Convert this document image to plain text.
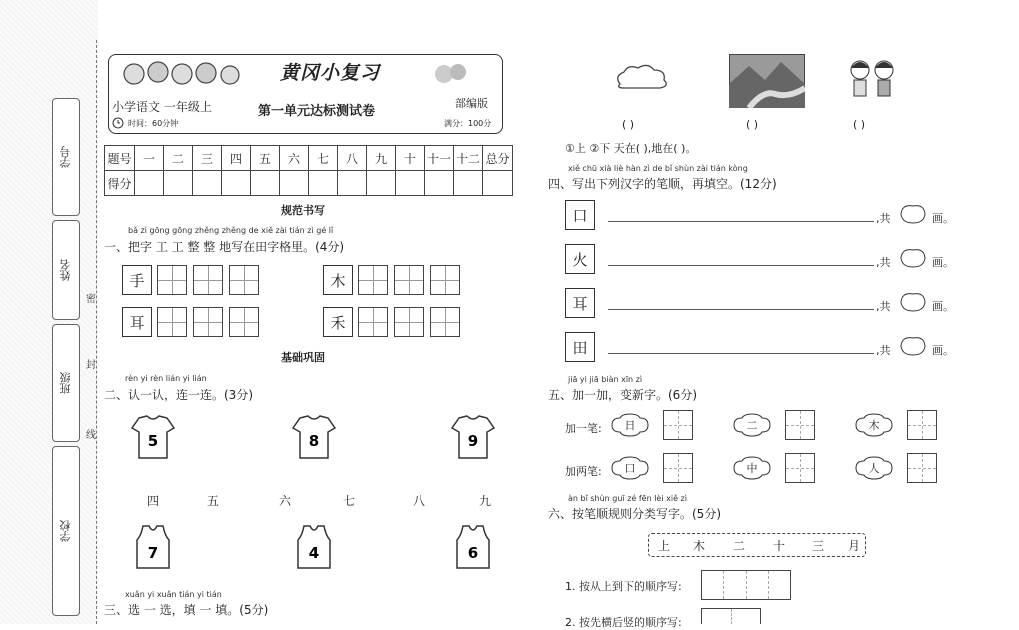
学号
姓名
班级
学校
密
封
线
黄冈小复习
小学语文 一年级上	第一单元达标测试卷
部编版
时间：60分钟	满分：100分
题号	一	二	三	四	五	六	七	八	九	十	十一	十二	总分
得分													
规范书写
bǎ zì gōng gōng zhěng zhěng de xiě zài tián zì gé lǐ
一、把字 工 工 整 整 地写在田字格里。(4分)
手	木
耳	禾
基础巩固
rèn yi rèn lián yi lián
二、认一认，连一连。(3分)
5	8	9
四	五	六	七	八	九
7	4	6
xuǎn yi xuǎn tián yi tián
三、选 一 选，填 一 填。(5分)
( )	( )	( )
①上 ②下 天在( ),地在( )。
xiě chū xià liè hàn zì de bǐ shùn zài tián kòng
四、写出下列汉字的笔顺，再填空。(12分)
口	,共	画。
火	,共	画。
耳	,共	画。
田	,共	画。
jiā yi jiā biàn xīn zì
五、加一加，变新字。(6分)
加一笔:	日	二	木
加两笔:	口	中	人
àn bǐ shùn guī zé fēn lèi xiě zì
六、按笔顺规则分类写字。(5分)
上 木 二 十 三 月
1. 按从上到下的顺序写:
2. 按先横后竖的顺序写:
